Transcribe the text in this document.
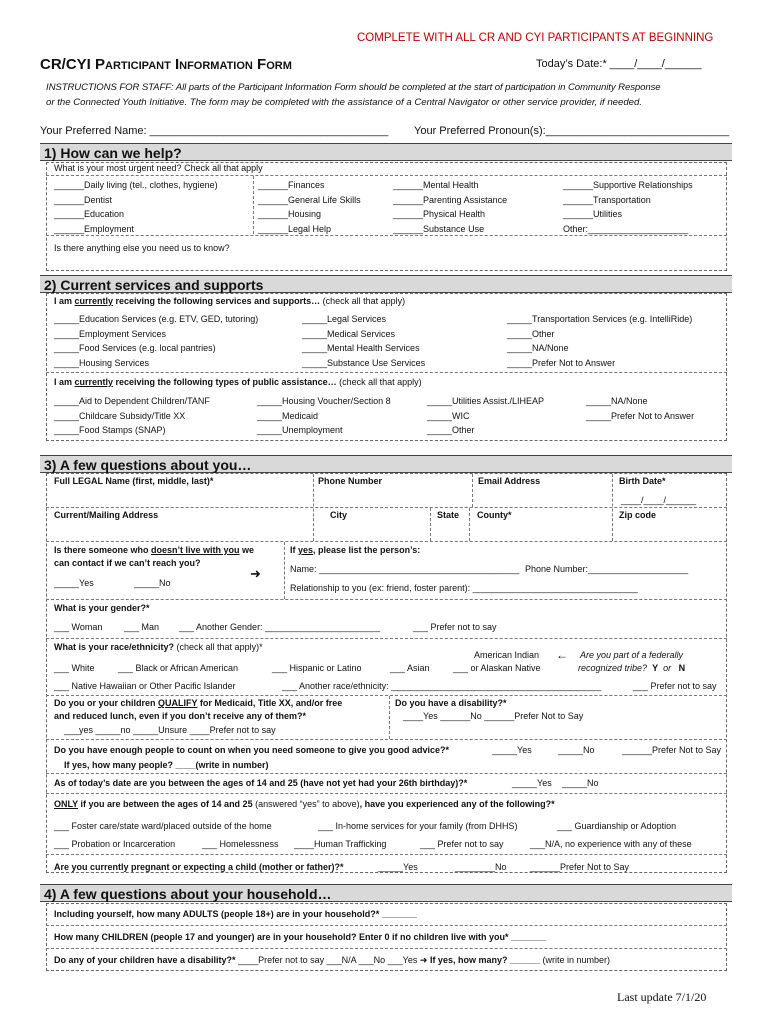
COMPLETE WITH ALL CR AND CYI PARTICIPANTS AT BEGINNING
CR/CYI Participant Information Form	Today’s Date:* ____/____/______
INSTRUCTIONS FOR STAFF: All parts of the Participant Information Form should be completed at the start of participation in Community Response
or the Connected Youth Initiative. The form may be completed with the assistance of a Central Navigator or other service provider, if needed.
Your Preferred Name: _______________________________________ Your Preferred Pronoun(s):______________________________
1) How can we help?
What is your most urgent need? Check all that apply
______Daily living (tel., clothes, hygiene)
______Dentist
______Education
______Employment
______Finances
______General Life Skills
______Housing
______Legal Help
______Mental Health
______Parenting Assistance
______Physical Health
______Substance Use
______Supportive Relationships
______Transportation
______Utilities
Other:____________________
Is there anything else you need us to know?
2) Current services and supports
I am currently receiving the following services and supports… (check all that apply)
_____Education Services (e.g. ETV, GED, tutoring)
_____Employment Services
_____Food Services (e.g. local pantries)
_____Housing Services
_____Legal Services
_____Medical Services
_____Mental Health Services
_____Substance Use Services
_____Transportation Services (e.g. IntelliRide)
_____Other
_____NA/None
_____Prefer Not to Answer
I am currently receiving the following types of public assistance… (check all that apply)
_____Aid to Dependent Children/TANF
_____Childcare Subsidy/Title XX
_____Food Stamps (SNAP)
_____Housing Voucher/Section 8
_____Medicaid
_____Unemployment
_____Utilities Assist./LIHEAP
_____WIC
_____Other
_____NA/None
_____Prefer Not to Answer
3) A few questions about you…
Full LEGAL Name (first, middle, last)*	Phone Number	Email Address	Birth Date*
____/____/______
Current/Mailing Address	City	State County*	Zip code
Is there someone who doesn’t live with you we
can contact if we can’t reach you?
_____Yes	_____No
➜
If yes, please list the person’s:
Name: ________________________________________ Phone Number:____________________
Relationship to you (ex: friend, foster parent): _________________________________
What is your gender?*
___ Woman ___ Man ___ Another Gender: _______________________	___ Prefer not to say
What is your race/ethnicity? (check all that apply)*
___ White	___ Black or African American	___ Hispanic or Latino	___ Asian
American Indian
___ or Alaskan Native
← Are you part of a federally
recognized tribe? Y or N
___ Native Hawaiian or Other Pacific Islander	___ Another race/ethnicity: __________________________________________	___ Prefer not to say
Do you or your children QUALIFY for Medicaid, Title XX, and/or free
and reduced lunch, even if you don’t receive any of them?*
___yes _____no _____Unsure ____Prefer not to say
Do you have a disability?*
____Yes ______No ______Prefer Not to Say
Do you have enough people to count on when you need someone to give you good advice?*	_____Yes	_____No	______Prefer Not to Say
If yes, how many people? ____(write in number)
As of today’s date are you between the ages of 14 and 25 (have not yet had your 26th birthday)?*	_____Yes _____No
ONLY if you are between the ages of 14 and 25 (answered “yes” to above), have you experienced any of the following?*
___ Foster care/state ward/placed outside of the home	___ In-home services for your family (from DHHS)	___ Guardianship or Adoption
___ Probation or Incarceration	___ Homelessness ____Human Trafficking	___ Prefer not to say	___N/A, no experience with any of these
Are you currently pregnant or expecting a child (mother or father)?*	_____Yes	________No	______Prefer Not to Say
4) A few questions about your household…
Including yourself, how many ADULTS (people 18+) are in your household?* _______
How many CHILDREN (people 17 and younger) are in your household? Enter 0 if no children live with you* _______
Do any of your children have a disability?* ____Prefer not to say ___N/A ___No ___Yes ➜ If yes, how many? ______ (write in number)
Last update 7/1/20
